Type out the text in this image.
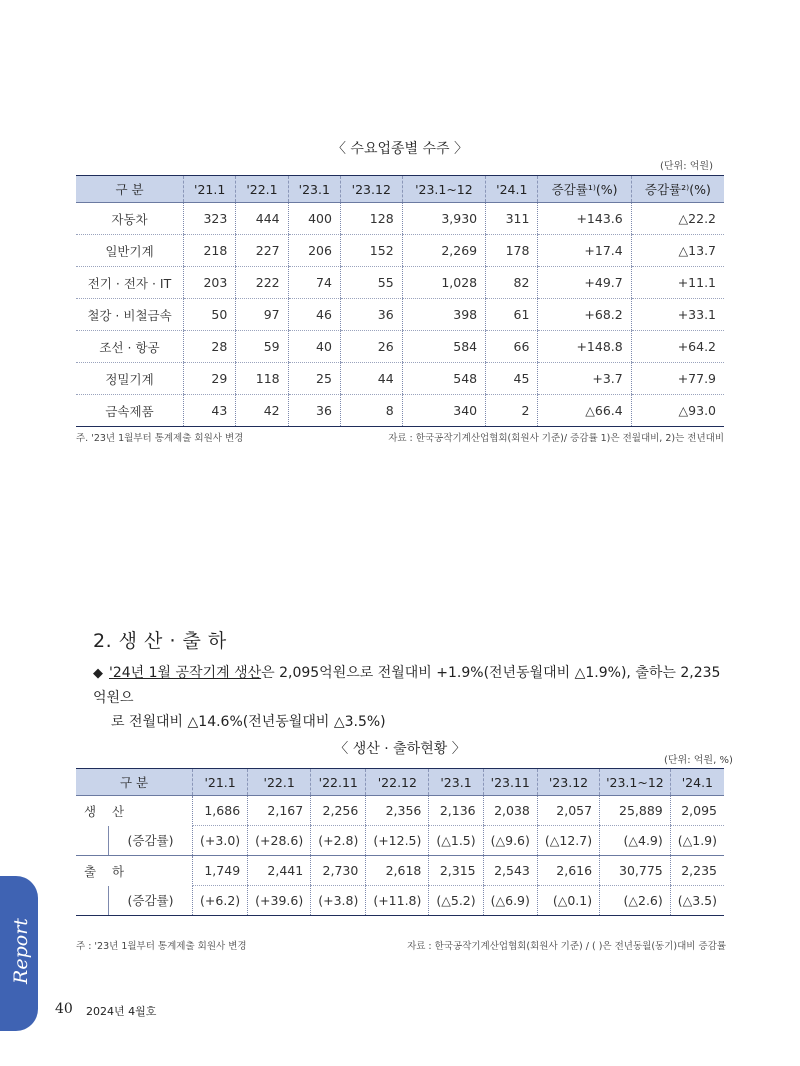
〈 수요업종별 수주 〉
(단위: 억원)
구 분	'21.1	'22.1	'23.1	'23.12	'23.1~12	'24.1	증감률¹⁾(%)	증감률²⁾(%)
자동차	323	444	400	128	3,930	311	+143.6	△22.2
일반기계	218	227	206	152	2,269	178	+17.4	△13.7
전기 · 전자 · IT	203	222	74	55	1,028	82	+49.7	+11.1
철강 · 비철금속	50	97	46	36	398	61	+68.2	+33.1
조선 · 항공	28	59	40	26	584	66	+148.8	+64.2
정밀기계	29	118	25	44	548	45	+3.7	+77.9
금속제품	43	42	36	8	340	2	△66.4	△93.0
주. '23년 1월부터 통계제출 회원사 변경	자료 : 한국공작기계산업협회(회원사 기준)/ 증감률 1)은 전월대비, 2)는 전년대비
2. 생 산 · 출 하
◆ '24년 1월 공작기계 생산은 2,095억원으로 전월대비 +1.9%(전년동월대비 △1.9%), 출하는 2,235억원으
로 전월대비 △14.6%(전년동월대비 △3.5%)
〈 생산 · 출하현황 〉
(단위: 억원, %)
구 분		'21.1	'22.1	'22.11	'22.12	'23.1	'23.11	'23.12	'23.1~12	'24.1
생 산		1,686	2,167	2,256	2,356	2,136	2,038	2,057	25,889	2,095
	(증감률)	(+3.0)	(+28.6)	(+2.8)	(+12.5)	(△1.5)	(△9.6)	(△12.7)	(△4.9)	(△1.9)
출 하		1,749	2,441	2,730	2,618	2,315	2,543	2,616	30,775	2,235
	(증감률)	(+6.2)	(+39.6)	(+3.8)	(+11.8)	(△5.2)	(△6.9)	(△0.1)	(△2.6)	(△3.5)
주 : '23년 1월부터 통계제출 회원사 변경	자료 : 한국공작기계산업협회(회원사 기준) / ( )은 전년동월(동기)대비 증감률
Report
40 2024년 4월호
